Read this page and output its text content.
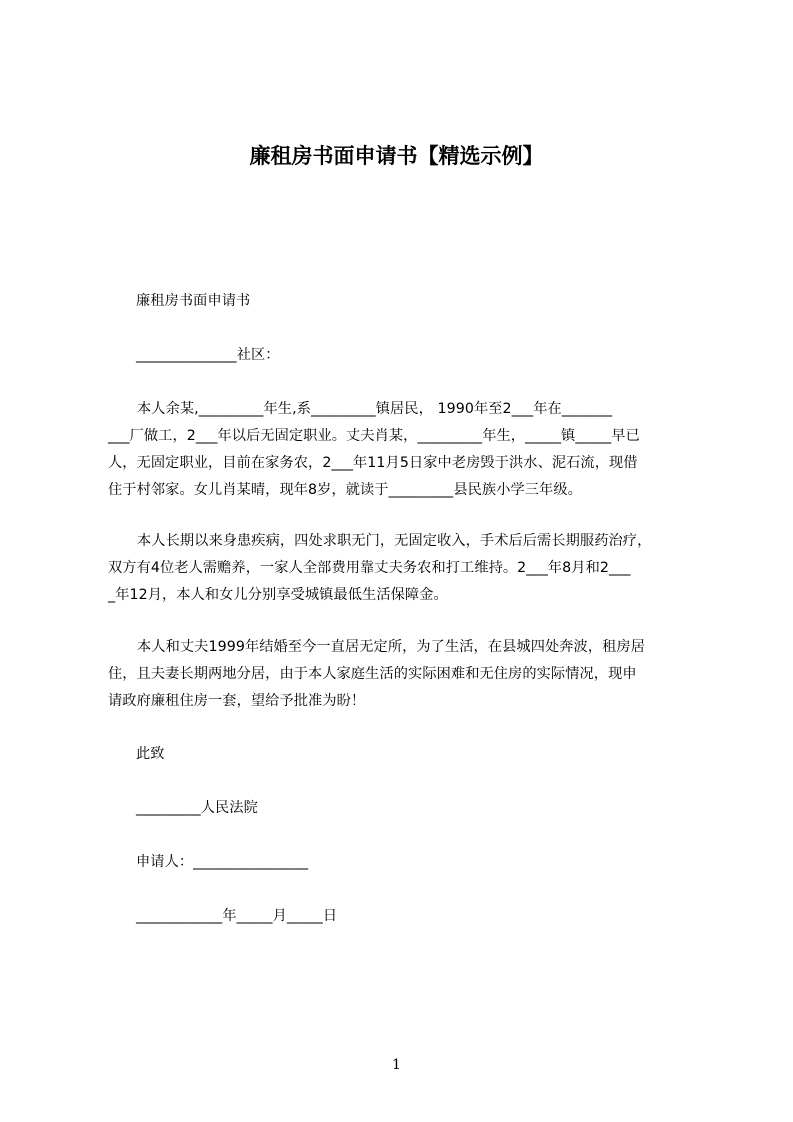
廉租房书面申请书【精选示例】
廉租房书面申请书
______________社区：
本人余某,_________年生,系_________镇居民， 1990年至2___年在_______
___厂做工，2___年以后无固定职业。丈夫肖某，_________年生，_____镇_____早已
人，无固定职业，目前在家务农，2___年11月5日家中老房毁于洪水、泥石流，现借
住于村邻家。女儿肖某晴，现年8岁，就读于_________县民族小学三年级。
本人长期以来身患疾病，四处求职无门，无固定收入，手术后后需长期服药治疗，
双方有4位老人需赡养，一家人全部费用靠丈夫务农和打工维持。2___年8月和2___
_年12月，本人和女儿分别享受城镇最低生活保障金。
本人和丈夫1999年结婚至今一直居无定所，为了生活，在县城四处奔波，租房居
住，且夫妻长期两地分居，由于本人家庭生活的实际困难和无住房的实际情况，现申
请政府廉租住房一套，望给予批准为盼！
此致
_________人民法院
申请人：________________
____________年_____月_____日
1
